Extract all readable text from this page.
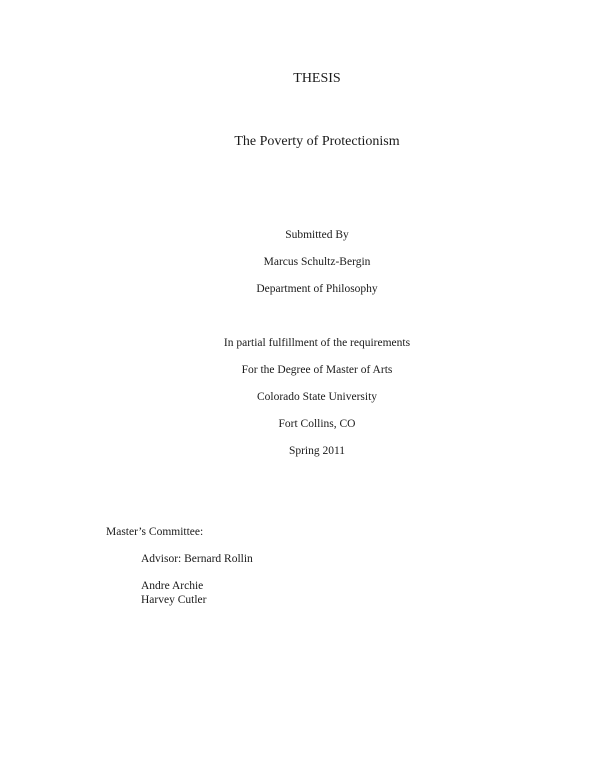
THESIS
The Poverty of Protectionism
Submitted By
Marcus Schultz-Bergin
Department of Philosophy
In partial fulfillment of the requirements
For the Degree of Master of Arts
Colorado State University
Fort Collins, CO
Spring 2011
Master’s Committee:
Advisor: Bernard Rollin
Andre Archie
Harvey Cutler
